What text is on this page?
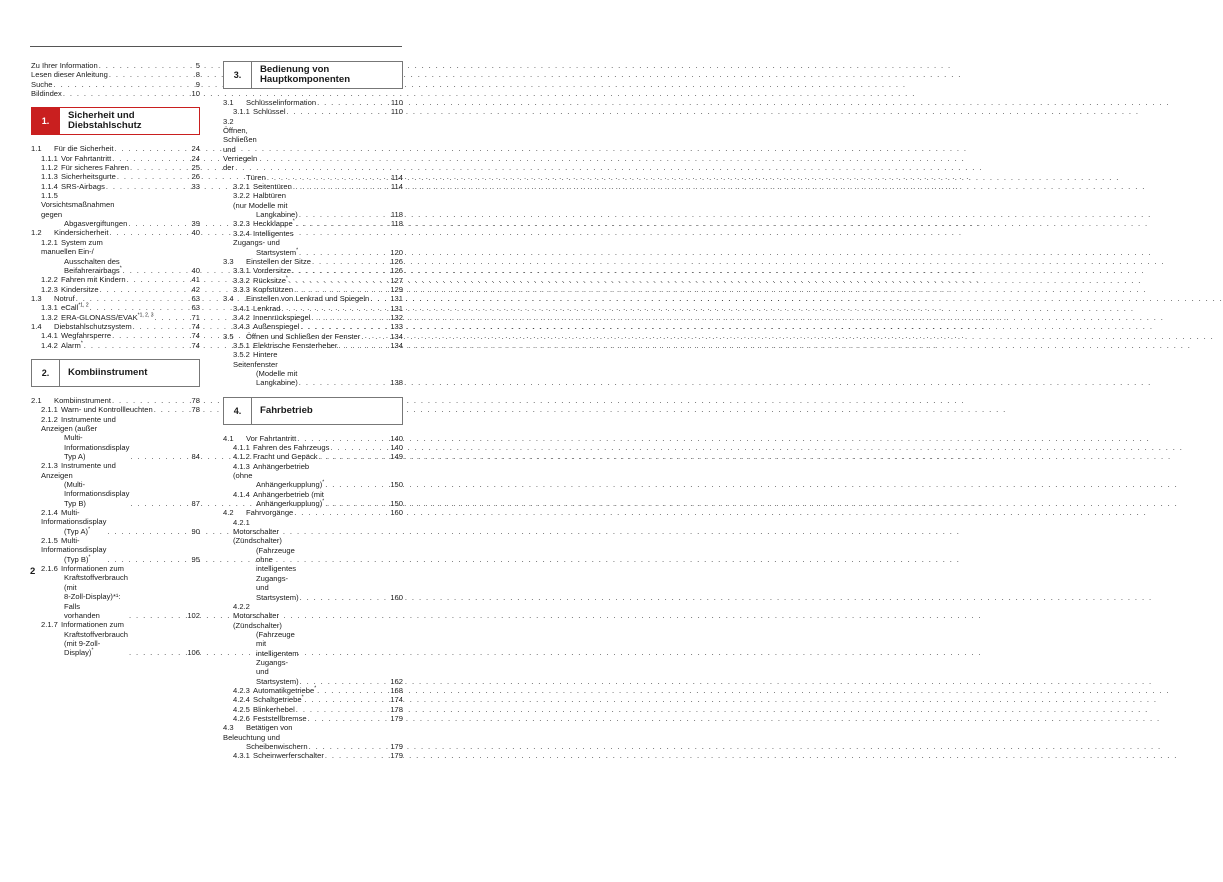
Zu Ihrer Information . . .	5
Lesen dieser Anleitung . . .	8
Suche . . .	9
Bildindex . . .	10
1.
Sicherheit und
Diebstahlschutz
1.1 Für die Sicherheit . . .	24
1.1.1 Vor Fahrtantritt . . .	24
1.1.2 Für sicheres Fahren . . .	25
1.1.3 Sicherheitsgurte . . .	26
1.1.4 SRS-Airbags . . .	33
1.1.5Vorsichtsmaßnahmen gegen
Abgasvergiftungen . . .	39
1.2 Kindersicherheit . . .	40
1.2.1 System zum manuellen Ein-/
Ausschalten des
Beifahrerairbags* . . .	40
1.2.2 Fahren mit Kindern . . .	41
1.2.3 Kindersitze . . .	42
1.3 Notruf . . .	63
1.3.1 eCall$^{*1, 2}$ . . .	63
1.3.2 ERA-GLONASS/EVAK$^{*1, 2, 3}$ . . .	71
1.4 Diebstahlschutzsystem . . .	74
1.4.1 Wegfahrsperre . . .	74
1.4.2 Alarm* . . .	74
2.	Kombiinstrument
2.1 Kombiinstrument . . .	78
2.1.1 Warn- und Kontrollleuchten . . .	78
2.1.2 Instrumente und Anzeigen (außer
Multi-Informationsdisplay Typ A) . . .	84
2.1.3 Instrumente und Anzeigen
(Multi-Informationsdisplay Typ B) . . .	87
2.1.4 Multi-Informationsdisplay
(Typ A)* . . .	90
2.1.5 Multi-Informationsdisplay
(Typ B)* . . .	95
2.1.6 Informationen zum
Kraftstoffverbrauch (mit
8-Zoll-Display)*¹: Falls
vorhanden . . .	102
2.1.7 Informationen zum
Kraftstoffverbrauch
(mit 9-Zoll-Display)* . . .	106
3.
Bedienung von
Hauptkomponenten
3.1 Schlüsselinformation . . .	110
3.1.1 Schlüssel . . .	110
3.2Öffnen, Schließen und Verriegeln der
Türen . . .	114
3.2.1 Seitentüren . . .	114
3.2.2 Halbtüren (nur Modelle mit
Langkabine) . . .	118
3.2.3 Heckklappe* . . .	118
3.2.4 Intelligentes Zugangs- und
Startsystem* . . .	120
3.3 Einstellen der Sitze . . .	126
3.3.1 Vordersitze . . .	126
3.3.2 Rücksitze* . . .	127
3.3.3 Kopfstützen . . .	129
3.4 Einstellen von Lenkrad und Spiegeln . . .	131
3.4.1 Lenkrad . . .	131
3.4.2 Innenrückspiegel . . .	132
3.4.3 Außenspiegel . . .	133
3.5 Öffnen und Schließen der Fenster . . .	134
3.5.1 Elektrische Fensterheber . . .	134
3.5.2 Hintere Seitenfenster
(Modelle mit Langkabine) . . .	138
4.	Fahrbetrieb
4.1 Vor Fahrtantritt . . .	140
4.1.1 Fahren des Fahrzeugs . . .	140
4.1.2 Fracht und Gepäck . . .	149
4.1.3 Anhängerbetrieb (ohne
Anhängerkupplung)* . . .	150
4.1.4 Anhängerbetrieb (mit
Anhängerkupplung)* . . .	150
4.2 Fahrvorgänge . . .	160
4.2.1Motorschalter (Zündschalter)
(Fahrzeuge ohne intelligentes
Zugangs- und Startsystem) . . .	160
4.2.2Motorschalter (Zündschalter)
(Fahrzeuge mit intelligentem
Zugangs- und Startsystem) . . .	162
4.2.3 Automatikgetriebe* . . .	168
4.2.4 Schaltgetriebe* . . .	174
4.2.5 Blinkerhebel . . .	178
4.2.6 Feststellbremse . . .	179
4.3 Betätigen von Beleuchtung und
Scheibenwischern . . .	179
4.3.1 Scheinwerferschalter . . .	179
2
